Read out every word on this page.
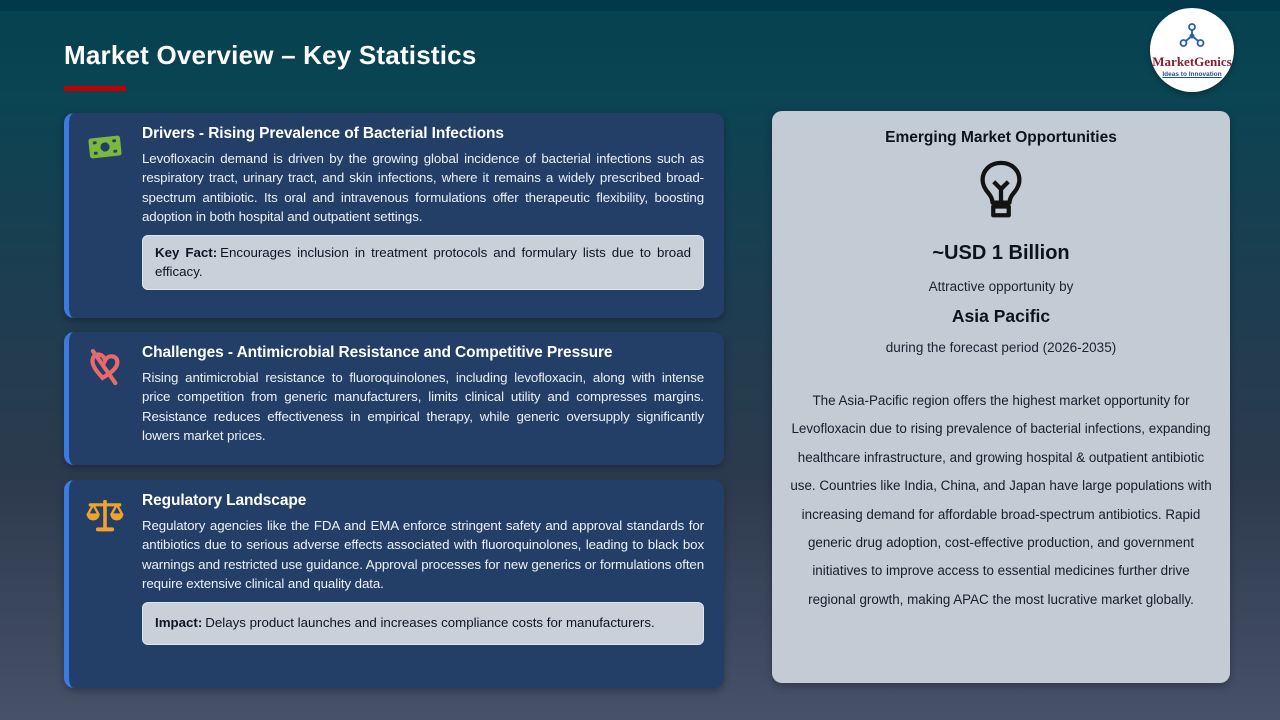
Market Overview – Key Statistics	MarketGenics
Ideas to Innovation
Drivers - Rising Prevalence of Bacterial Infections
Levofloxacin demand is driven by the growing global incidence of bacterial infections such as respiratory tract, urinary tract, and skin infections, where it remains a widely prescribed broad-spectrum antibiotic. Its oral and intravenous formulations offer therapeutic flexibility, boosting adoption in both hospital and outpatient settings.
Key Fact: Encourages inclusion in treatment protocols and formulary lists due to broad efficacy.
Challenges - Antimicrobial Resistance and Competitive Pressure
Rising antimicrobial resistance to fluoroquinolones, including levofloxacin, along with intense price competition from generic manufacturers, limits clinical utility and compresses margins. Resistance reduces effectiveness in empirical therapy, while generic oversupply significantly lowers market prices.
Regulatory Landscape
Regulatory agencies like the FDA and EMA enforce stringent safety and approval standards for antibiotics due to serious adverse effects associated with fluoroquinolones, leading to black box warnings and restricted use guidance. Approval processes for new generics or formulations often require extensive clinical and quality data.
Impact: Delays product launches and increases compliance costs for manufacturers.
Emerging Market Opportunities
~USD 1 Billion
Attractive opportunity by
Asia Pacific
during the forecast period (2026-2035)
The Asia-Pacific region offers the highest market opportunity for Levofloxacin due to rising prevalence of bacterial infections, expanding healthcare infrastructure, and growing hospital & outpatient antibiotic use. Countries like India, China, and Japan have large populations with increasing demand for affordable broad-spectrum antibiotics. Rapid generic drug adoption, cost-effective production, and government initiatives to improve access to essential medicines further drive regional growth, making APAC the most lucrative market globally.
